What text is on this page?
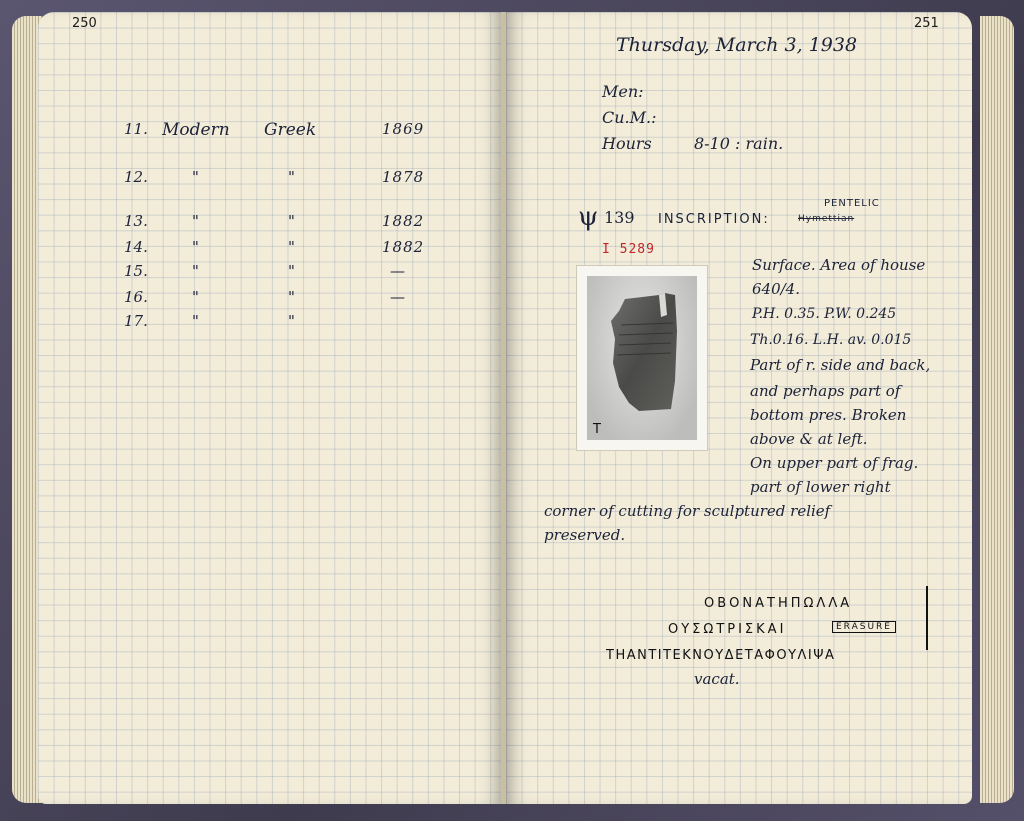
250
11. Modern Greek	1869
12.	"	"	1878
13.	"	"	1882
14.	"	"	1882
15.	"	"	—
16.	"	"	—
17.	"	"
251
Thursday, March 3, 1938
Men:
Cu.M.:
Hours	8-10 : rain.
ψ 139 INSCRIPTION:	Hymettian
PENTELIC
I 5289
Surface. Area of house
640/4.
P.H. 0.35. P.W. 0.245
Th.0.16. L.H. av. 0.015
Part of r. side and back,
and perhaps part of
bottom pres. Broken
above & at left.
On upper part of frag.
part of lower right
corner of cutting for sculptured relief
preserved.
ΟΒΟΝΑΤΗΠΩΛΛΑ
ΟΥΣΩΤΡΙΣΚΑΙ	ERASURE
ΤΗΑΝΤΙΤΕΚΝΟΥΔΕΤΑΦΟΥΛΙΨΑ
vacat.
T
